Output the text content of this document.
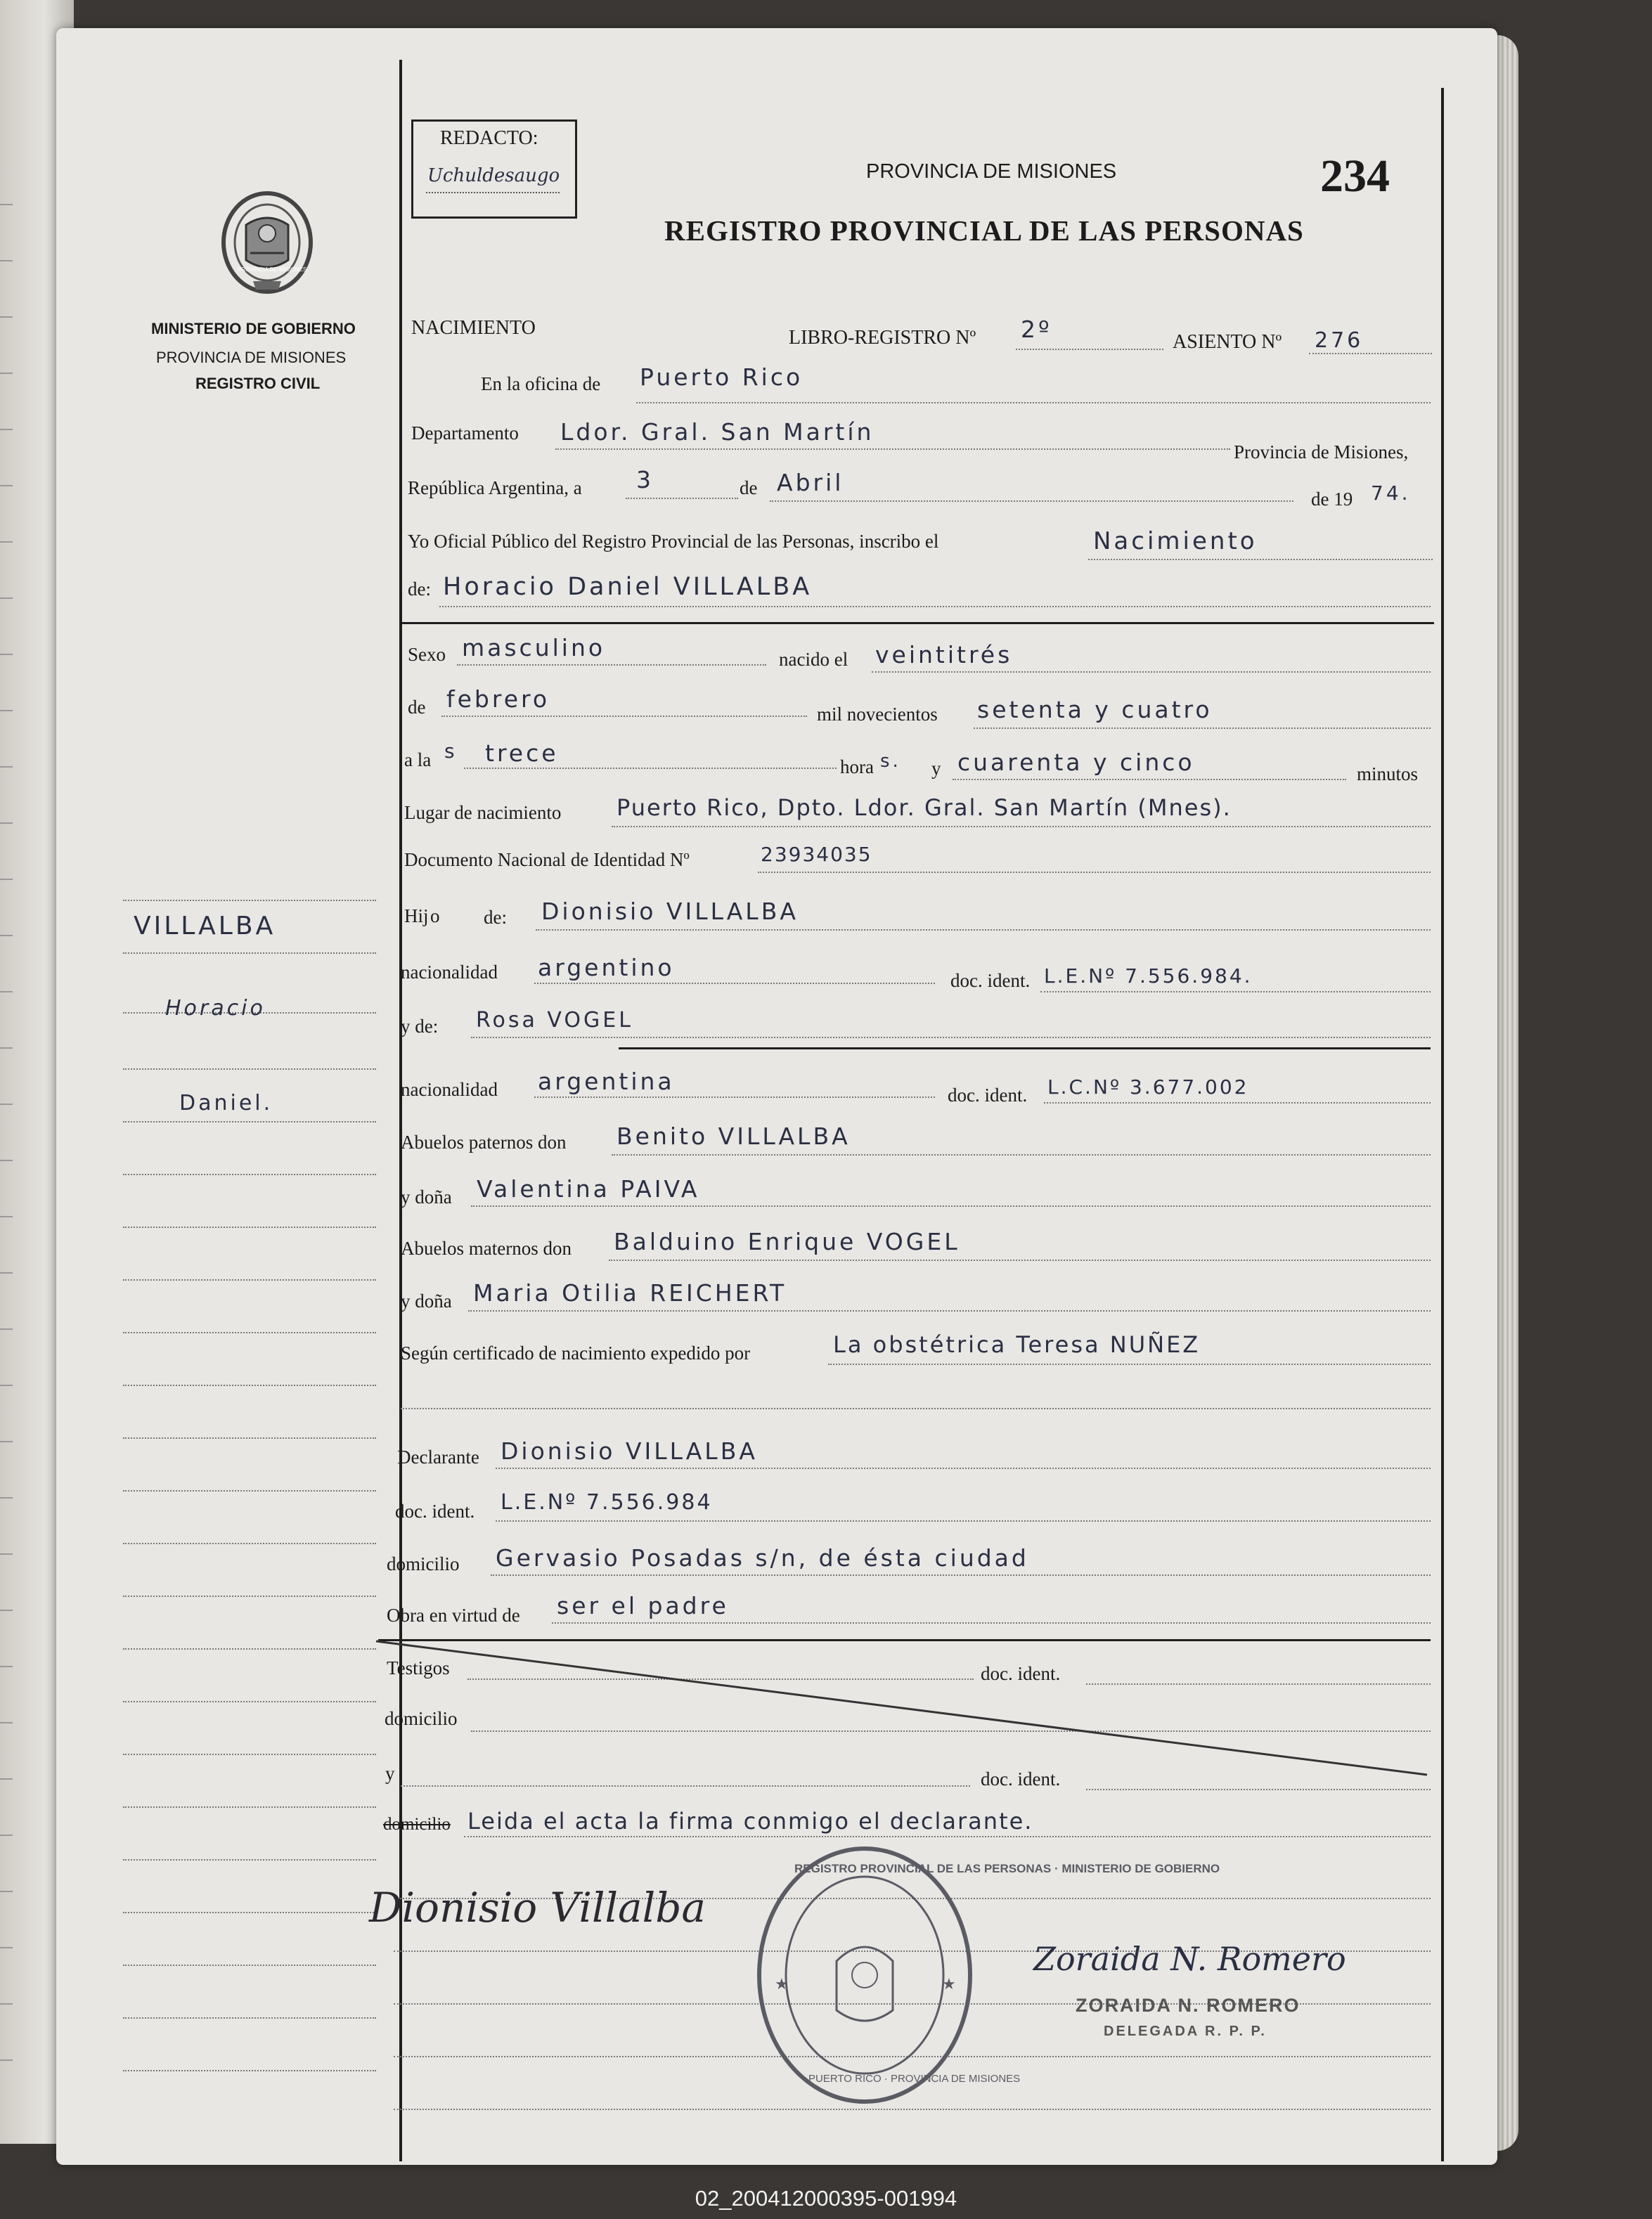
REDACTO:
Uchuldesaugo
MINISTERIO DE GOBIERNO
PROVINCIA DE MISIONES
REGISTRO CIVIL
PROVINCIA DE MISIONES
PROVINCIA DE MISIONES
REGISTRO PROVINCIAL DE LAS PERSONAS
234
NACIMIENTO	LIBRO-REGISTRO Nº 2º	ASIENTO Nº 276
En la oficina de Puerto Rico
Departamento Ldor. Gral. San Martín
Provincia de Misiones,
República Argentina, a 3	de Abril
de 19 74.
Yo Oficial Público del Registro Provincial de las Personas, inscribo el	Nacimiento
de: Horacio Daniel VILLALBA
Sexo masculino	nacido el veintitrés
de febrero
mil novecientos setenta y cuatro
a la s trece	hora s. y cuarenta y cinco	minutos
Lugar de nacimiento Puerto Rico, Dpto. Ldor. Gral. San Martín (Mnes).
Documento Nacional de Identidad Nº	23934035
Hij o de: Dionisio VILLALBA
nacionalidad argentino	doc. ident. L.E.Nº 7.556.984.
y de: Rosa VOGEL
nacionalidad argentina	doc. ident. L.C.Nº 3.677.002
Abuelos paternos don Benito VILLALBA
y doña Valentina PAIVA
Abuelos maternos don Balduino Enrique VOGEL
y doña Maria Otilia REICHERT
Según certificado de nacimiento expedido por	La obstétrica Teresa NUÑEZ
Declarante Dionisio VILLALBA
doc. ident. L.E.Nº 7.556.984
domicilio Gervasio Posadas s/n, de ésta ciudad
Obra en virtud de ser el padre
Testigos	doc. ident.
domicilio
y	doc. ident.
domicilio Leida el acta la firma conmigo el declarante.
VILLALBA
Horacio
Daniel.
Dionisio Villalba
★	★
REGISTRO PROVINCIAL DE LAS PERSONAS · MINISTERIO DE GOBIERNO
PUERTO RICO · PROVINCIA DE MISIONES
Zoraida N. Romero
ZORAIDA N. ROMERO
DELEGADA R. P. P.
02_200412000395-001994
